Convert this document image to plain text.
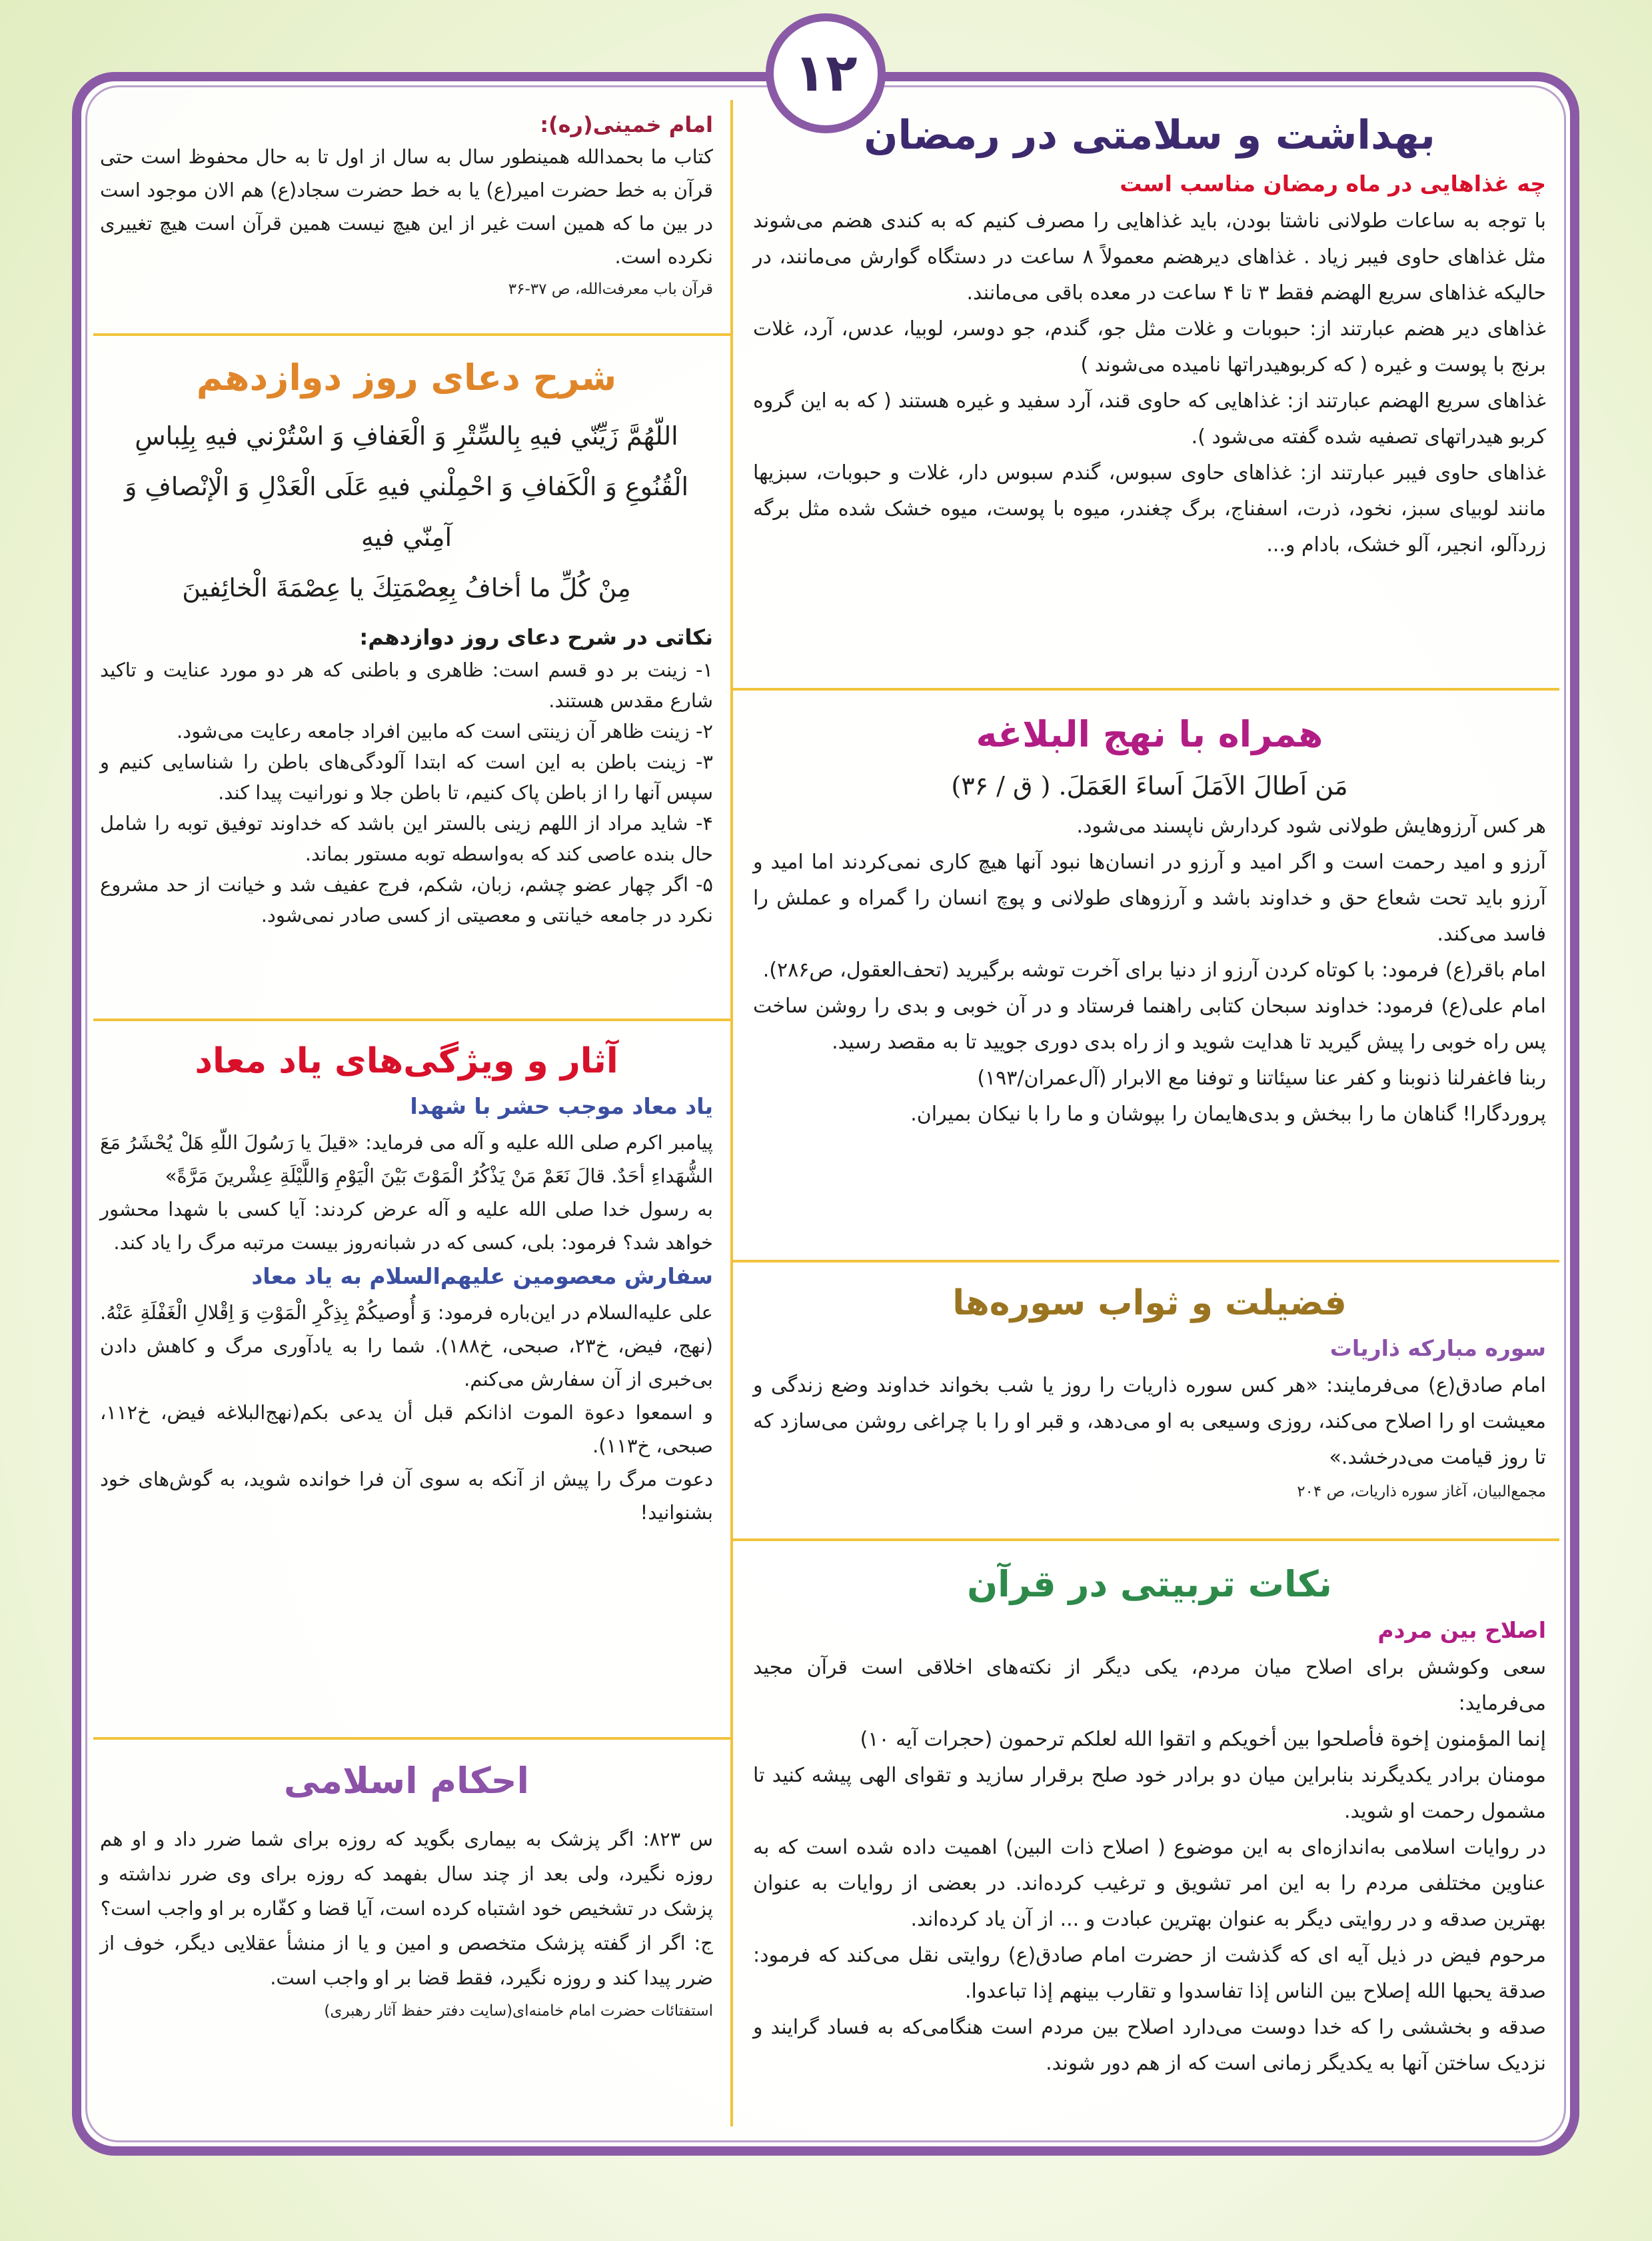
۱۲
بهداشت و سلامتی در رمضان
چه غذاهایی در ماه رمضان مناسب است

با توجه به ساعات طولانی ناشتا بودن، باید غذاهایی را مصرف کنیم که به کندی هضم می‌شوند مثل غذاهای حاوی فیبر زیاد . غذاهای دیرهضم معمولاً ۸ ساعت در دستگاه گوارش می‌مانند، در حالیکه غذاهای سریع الهضم فقط ۳ تا ۴ ساعت در معده باقی می‌مانند.

غذاهای دیر هضم عبارتند از: حبوبات و غلات مثل جو، گندم، جو دوسر، لوبیا، عدس، آرد، غلات برنج با پوست و غیره ( که کربوهیدراتها نامیده می‌شوند )

غذاهای سریع الهضم عبارتند از: غذاهایی که حاوی قند، آرد سفید و غیره هستند ( که به این گروه کربو هیدراتهای تصفیه شده گفته می‌شود ).

غذاهای حاوی فیبر عبارتند از: غذاهای حاوی سبوس، گندم سبوس دار، غلات و حبوبات، سبزیها مانند لوبیای سبز، نخود، ذرت، اسفناج، برگ چغندر، میوه با پوست، میوه خشک شده مثل برگه زردآلو، انجیر، آلو خشک، بادام و...

همراه با نهج البلاغه
مَن اَطالَ الاَمَلَ اَساءَ العَمَلَ. ( ق / ۳۶)

هر کس آرزوهایش طولانی شود کردارش ناپسند می‌شود.

آرزو و امید رحمت است و اگر امید و آرزو در انسان‌ها نبود آنها هیچ کاری نمی‌کردند اما امید و آرزو باید تحت شعاع حق و خداوند باشد و آرزوهای طولانی و پوچ انسان را گمراه و عملش را فاسد می‌کند.

امام باقر(ع) فرمود: با کوتاه کردن آرزو از دنیا برای آخرت توشه برگیرید (تحف‌العقول، ص۲۸۶).

امام علی(ع) فرمود: خداوند سبحان کتابی راهنما فرستاد و در آن خوبی و بدی را روشن ساخت پس راه خوبی را پیش گیرید تا هدایت شوید و از راه بدی دوری جویید تا به مقصد رسید.

ربنا فاغفرلنا ذنوبنا و کفر عنا سیئاتنا و توفنا مع الابرار (آل‌عمران/۱۹۳)

پروردگارا! گناهان ما را ببخش و بدی‌هایمان را بپوشان و ما را با نیکان بمیران.

فضیلت و ثواب سوره‌ها
سوره مبارکه ذاریات

امام صادق(ع) می‌فرمایند: «هر کس سوره ذاریات را روز یا شب بخواند خداوند وضع زندگی و معیشت او را اصلاح می‌کند، روزی وسیعی به او می‌دهد، و قبر او را با چراغی روشن می‌سازد که تا روز قیامت می‌درخشد.»

مجمع‌البیان، آغاز سوره ذاریات، ص ۲۰۴

نکات تربیتی در قرآن
اصلاح بین مردم

سعی وکوشش برای اصلاح میان مردم، یکی دیگر از نکته‌های اخلاقی است قرآن مجید می‌فرماید:

إنما المؤمنون إخوة فأصلحوا بين أخويكم و اتقوا الله لعلكم ترحمون (حجرات آیه ۱۰)

مومنان برادر یکدیگرند بنابراین میان دو برادر خود صلح برقرار سازید و تقوای الهی پیشه کنید تا مشمول رحمت او شوید.

در روایات اسلامی به‌اندازه‌ای به این موضوع ( اصلاح ذات البین) اهمیت داده شده است که به عناوین مختلفی مردم را به این امر تشویق و ترغیب کرده‌اند. در بعضی از روایات به عنوان بهترین صدقه و در روایتی دیگر به عنوان بهترین عبادت و ... از آن یاد کرده‌اند.

مرحوم فیض در ذیل آیه ای که گذشت از حضرت امام صادق(ع) روایتی نقل می‌کند که فرمود: صدقة يحبها الله إصلاح بين الناس إذا تفاسدوا و تقارب بينهم إذا تباعدوا.

صدقه و بخششی را که خدا دوست می‌دارد اصلاح بین مردم است هنگامی‌که به فساد گرایند و نزدیک ساختن آنها به یکدیگر زمانی است که از هم دور شوند.

امام خمینی(ره):

کتاب ما بحمدالله همینطور سال به سال از اول تا به حال محفوظ است حتی قرآن به خط حضرت امیر(ع) یا به خط حضرت سجاد(ع) هم الان موجود است در بین ما که همین است غیر از این هیچ نیست همین قرآن است هیچ تغییری نکرده است.

قرآن باب معرفت‌الله، ص ۳۷-۳۶

شرح دعای روز دوازدهم

اللّهُمَّ زَيِّنّي فيهِ بِالسِّتْرِ وَ الْعَفافِ وَ اسْتُرْني فيهِ بِلِباسِ

الْقُنُوعِ وَ الْكَفافِ وَ احْمِلْني فيهِ عَلَى الْعَدْلِ وَ الْإنْصافِ وَ آمِنّي فيهِ

مِنْ كُلِّ ما أخافُ بِعِصْمَتِكَ يا عِصْمَةَ الْخائِفينَ

نکاتی در شرح دعای روز دوازدهم:

۱- زینت بر دو قسم است: ظاهری و باطنی که هر دو مورد عنایت و تاکید شارع مقدس هستند.

۲- زینت ظاهر آن زینتی است که مابین افراد جامعه رعایت می‌شود.

۳- زینت باطن به این است که ابتدا آلودگی‌های باطن را شناسایی کنیم و سپس آنها را از باطن پاک کنیم، تا باطن جلا و نورانیت پیدا کند.

۴- شاید مراد از اللهم زینی بالستر این باشد که خداوند توفیق توبه را شامل حال بنده عاصی کند که به‌واسطه توبه مستور بماند.

۵- اگر چهار عضو چشم، زبان، شکم، فرج عفیف شد و خیانت از حد مشروع نکرد در جامعه خیانتی و معصیتی از کسی صادر نمی‌شود.

آثار و ویژگی‌های یاد معاد
یاد معاد موجب حشر با شهدا

پیامبر اکرم صلی الله علیه و آله می فرماید: «قيلَ يا رَسُولَ اللّهِ هَلْ يُحْشَرُ مَعَ الشُّهَداءِ أحَدٌ. قالَ نَعَمْ مَنْ يَذْكُرُ الْمَوْتَ بَيْنَ الْيَوْمِ وَاللَّيْلَةِ عِشْرينَ مَرَّةً»

به رسول خدا صلی الله علیه و آله عرض کردند: آیا کسی با شهدا محشور خواهد شد؟ فرمود: بلی، کسی که در شبانه‌روز بیست مرتبه مرگ را یاد کند.

سفارش معصومین علیهم‌السلام به یاد معاد

علی علیه‌السلام در این‌باره فرمود: وَ أُوصيكُمْ بِذِكْرِ الْمَوْتِ وَ اِقْلالِ الْغَفْلَةِ عَنْهُ.(نهج، فیض، خ۲۳، صبحی، خ۱۸۸). شما را به یادآوری مرگ و کاهش دادن بی‌خبری از آن سفارش می‌کنم.

و اسمعوا دعوة الموت اذانكم قبل أن يدعى بكم(نهج‌البلاغه فیض، خ۱۱۲، صبحی، خ۱۱۳).

دعوت مرگ را پیش از آنکه به سوی آن فرا خوانده شوید، به گوش‌های خود بشنوانید!

احکام اسلامی

س ۸۲۳: اگر پزشک به بیماری بگوید که روزه برای شما ضرر داد و او هم روزه نگیرد، ولی بعد از چند سال بفهمد که روزه برای وی ضرر نداشته و پزشک در تشخیص خود اشتباه کرده است، آیا قضا و کفّاره بر او واجب است؟

ج: اگر از گفته پزشک متخصص و امین و یا از منشأ عقلایی دیگر، خوف از ضرر پیدا کند و روزه نگیرد، فقط قضا بر او واجب است.

استفتائات حضرت امام خامنه‌ای(سایت دفتر حفظ آثار رهبری)
